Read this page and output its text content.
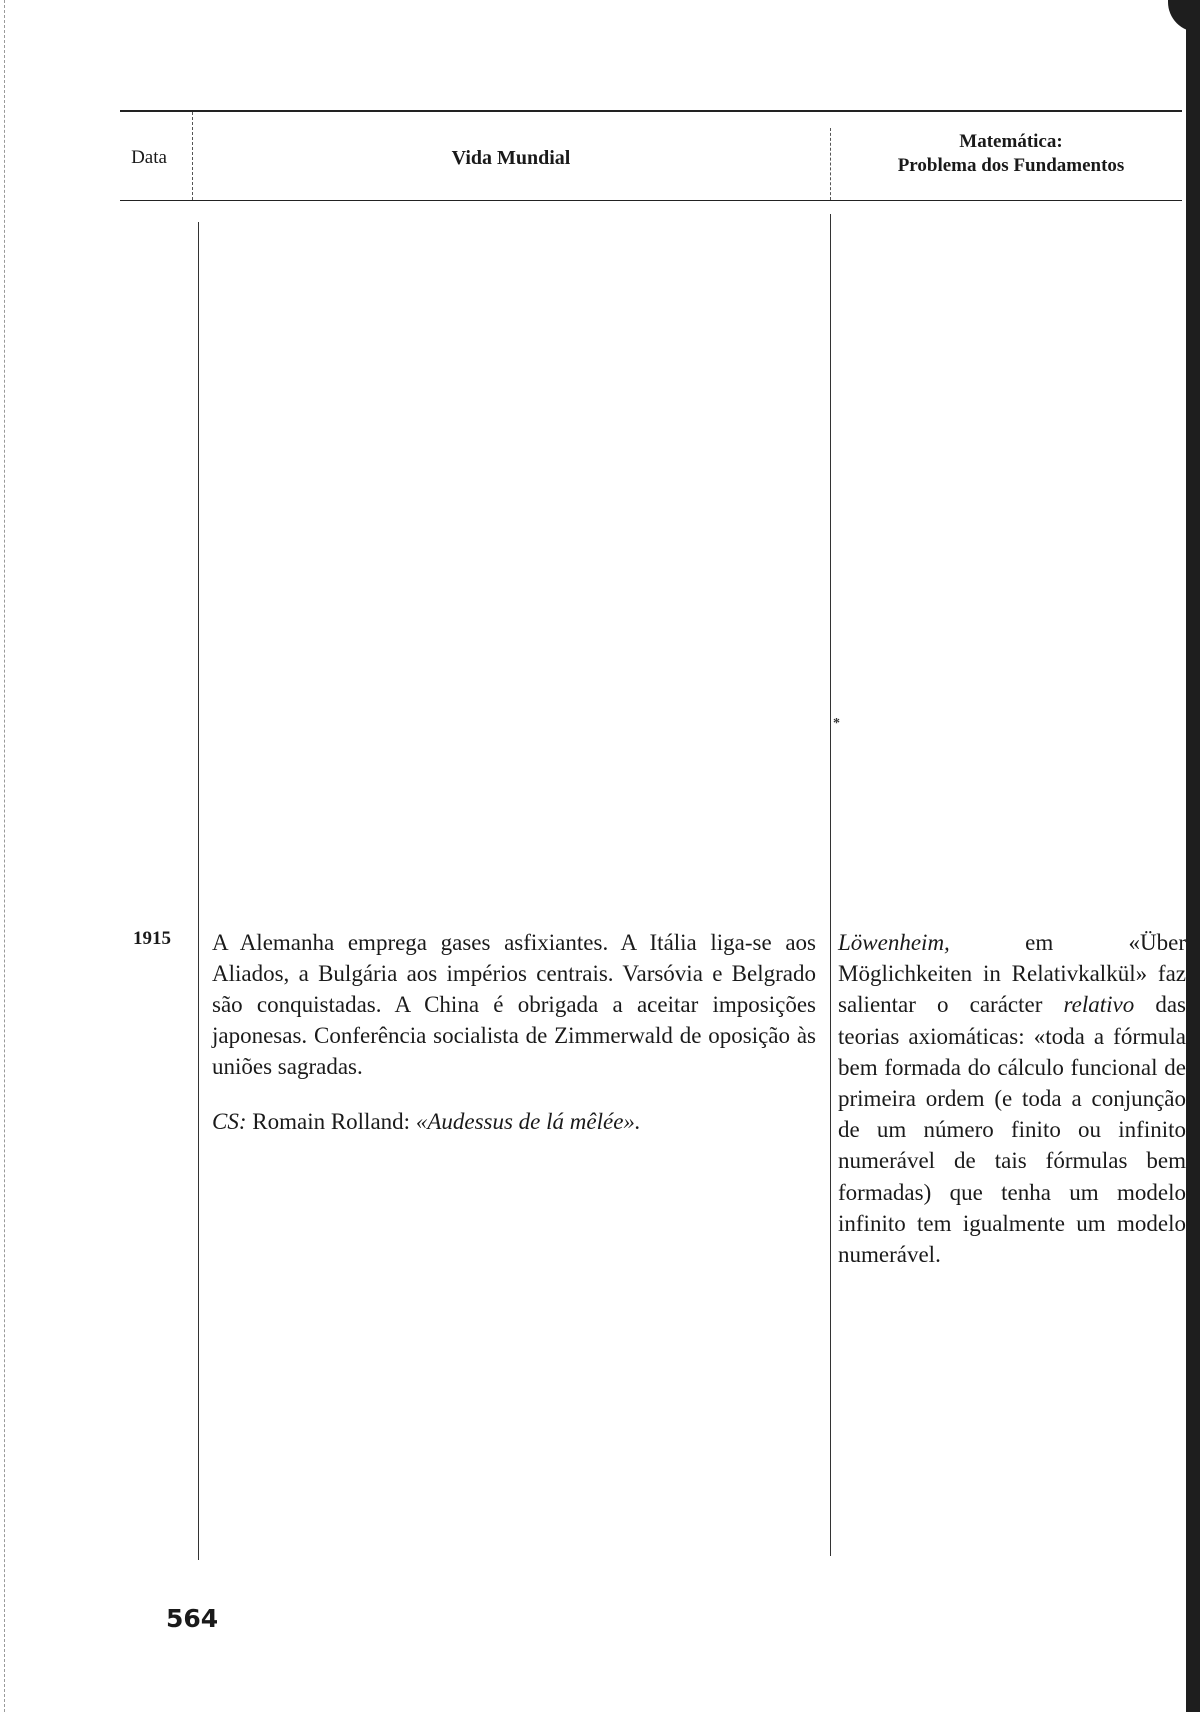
Data	Vida Mundial
Matemática:
Problema dos Fundamentos
*
1915 A Alemanha emprega gases asfixiantes. A Itália liga-se aos Aliados, a Bulgária aos impérios centrais. Varsóvia e Belgrado são conquistadas. A China é obrigada a aceitar imposições japonesas. Conferência socialista de Zimmerwald de oposição às uniões sagradas.

CS: Romain Rolland: «Audessus de lá mêlée».

Löwenheim, em «Über Möglichkeiten in Relativkalkül» faz salientar o carácter relativo das teorias axiomáticas: «toda a fórmula bem formada do cálculo funcional de primeira ordem (e toda a conjunção de um número finito ou infinito numerável de tais fórmulas bem formadas) que tenha um modelo infinito tem igualmente um modelo numerável.

564
